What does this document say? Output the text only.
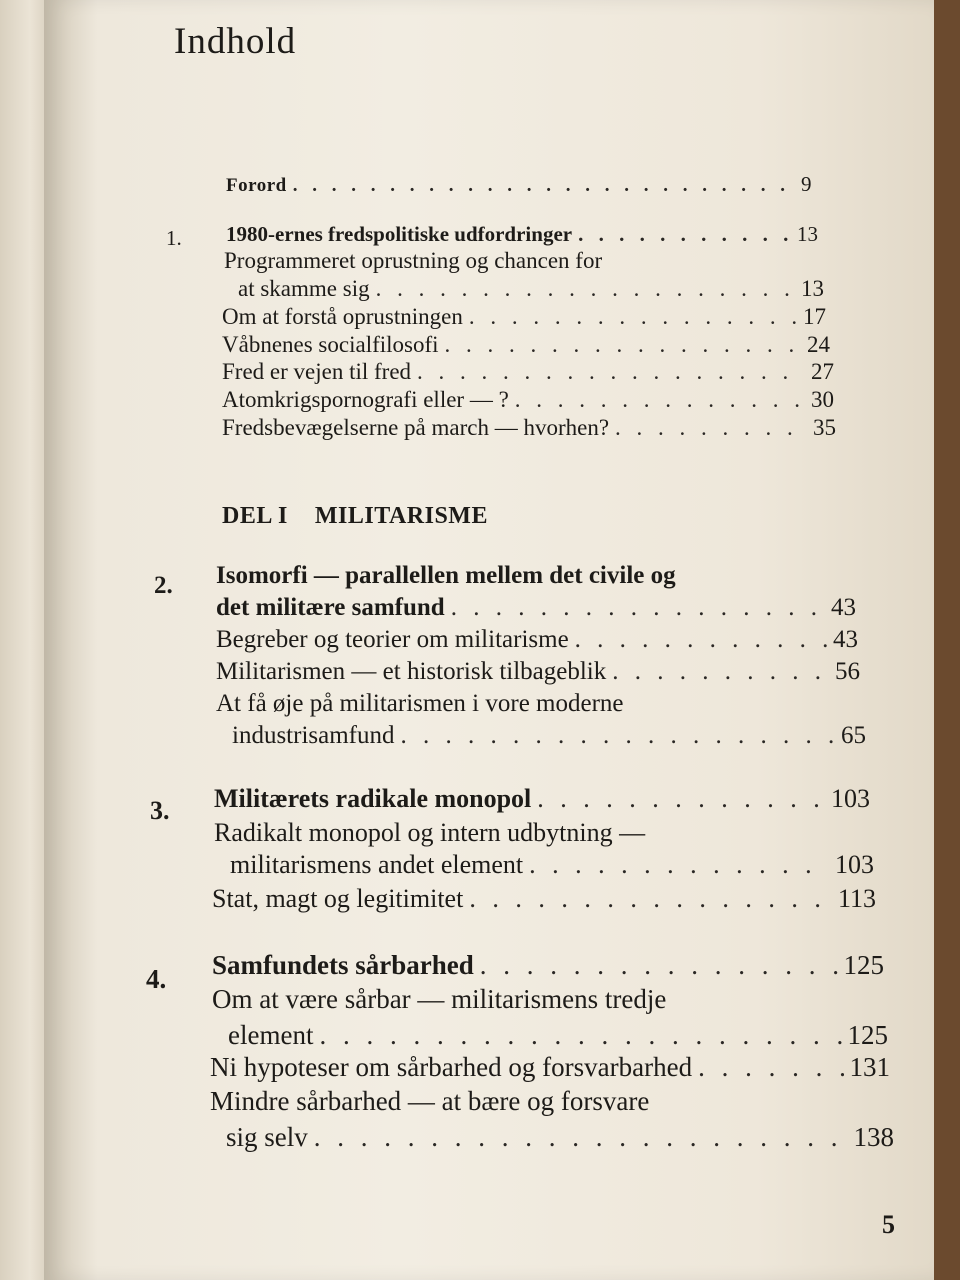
Indhold
Forord . . .	9
1. 1980-ernes fredspolitiske udfordringer . . .	13
Programmeret oprustning og chancen for
at skamme sig . . .	13
Om at forstå oprustningen . . .	17
Våbnenes socialfilosofi . . .	24
Fred er vejen til fred . . .	27
Atomkrigspornografi eller — ? . . .	30
Fredsbevægelserne på march — hvorhen? . . .	35
DEL I MILITARISME
2. Isomorfi — parallellen mellem det civile og
det militære samfund . . .	43
Begreber og teorier om militarisme . . .	43
Militarismen — et historisk tilbageblik . . .	56
At få øje på militarismen i vore moderne
industrisamfund . . .	65
3. Militærets radikale monopol . . .	103
Radikalt monopol og intern udbytning —
militarismens andet element . . .	103
Stat, magt og legitimitet . . .	113
4. Samfundets sårbarhed . . .	125
Om at være sårbar — militarismens tredje
element . . .	125
Ni hypoteser om sårbarhed og forsvarbarhed . . .	131
Mindre sårbarhed — at bære og forsvare
sig selv . . .	138
5
